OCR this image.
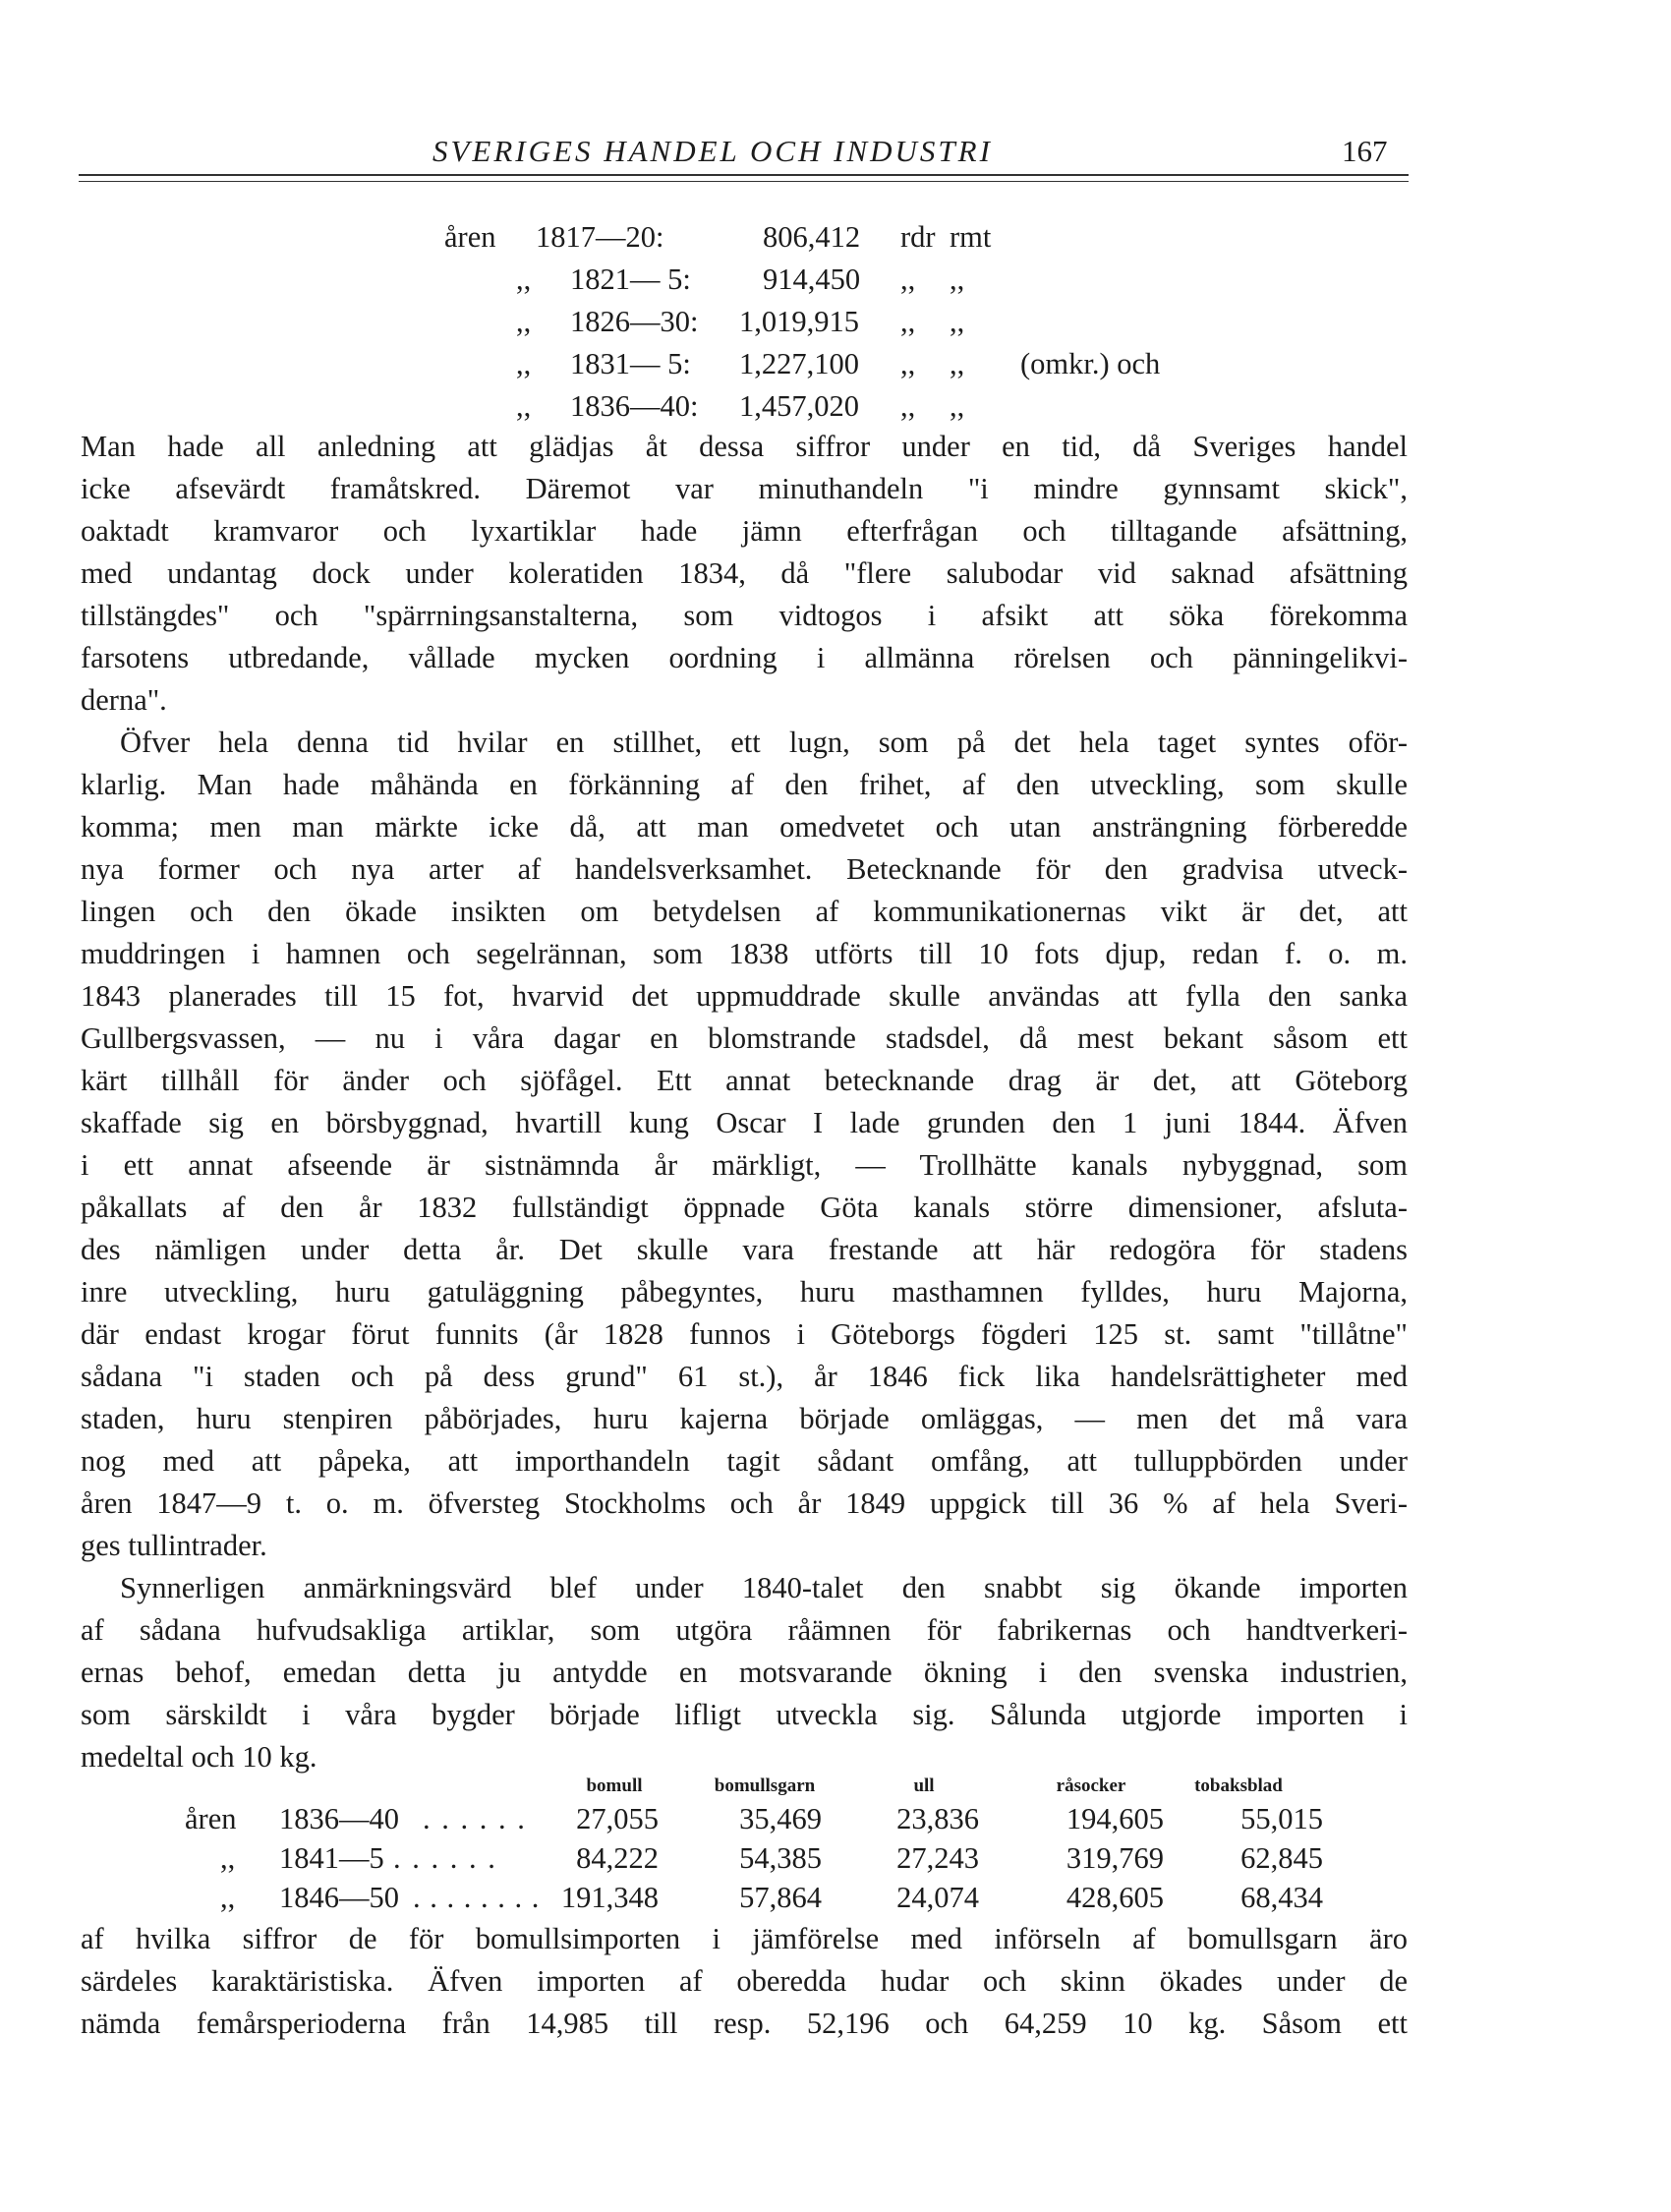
SVERIGES HANDEL OCH INDUSTRI	167
åren 1817—20:	806,412 rdr rmt
,, 1821— 5: 914,450 ,, ,,
,, 1826—30: 1,019,915 ,, ,,
,, 1831— 5: 1,227,100 ,, ,, (omkr.) och
,, 1836—40: 1,457,020 ,, ,,
Man hade all anledning att glädjas åt dessa siffror under en tid, då Sveriges handel
icke afsevärdt framåtskred. Däremot var minuthandeln "i mindre gynnsamt skick",
oaktadt kramvaror och lyxartiklar hade jämn efterfrågan och tilltagande afsättning,
med undantag dock under koleratiden 1834, då "flere salubodar vid saknad afsättning
tillstängdes" och "spärrningsanstalterna, som vidtogos i afsikt att söka förekomma
farsotens utbredande, vållade mycken oordning i allmänna rörelsen och pänningelikvi-
derna".
Öfver hela denna tid hvilar en stillhet, ett lugn, som på det hela taget syntes oför-
klarlig. Man hade måhända en förkänning af den frihet, af den utveckling, som skulle
komma; men man märkte icke då, att man omedvetet och utan ansträngning förberedde
nya former och nya arter af handelsverksamhet. Betecknande för den gradvisa utveck-
lingen och den ökade insikten om betydelsen af kommunikationernas vikt är det, att
muddringen i hamnen och segelrännan, som 1838 utförts till 10 fots djup, redan f. o. m.
1843 planerades till 15 fot, hvarvid det uppmuddrade skulle användas att fylla den sanka
Gullbergsvassen, — nu i våra dagar en blomstrande stadsdel, då mest bekant såsom ett
kärt tillhåll för änder och sjöfågel. Ett annat betecknande drag är det, att Göteborg
skaffade sig en börsbyggnad, hvartill kung Oscar I lade grunden den 1 juni 1844. Äfven
i ett annat afseende är sistnämnda år märkligt, — Trollhätte kanals nybyggnad, som
påkallats af den år 1832 fullständigt öppnade Göta kanals större dimensioner, afsluta-
des nämligen under detta år. Det skulle vara frestande att här redogöra för stadens
inre utveckling, huru gatuläggning påbegyntes, huru masthamnen fylldes, huru Majorna,
där endast krogar förut funnits (år 1828 funnos i Göteborgs fögderi 125 st. samt "tillåtne"
sådana "i staden och på dess grund" 61 st.), år 1846 fick lika handelsrättigheter med
staden, huru stenpiren påbörjades, huru kajerna började omläggas, — men det må vara
nog med att påpeka, att importhandeln tagit sådant omfång, att tulluppbörden under
åren 1847—9 t. o. m. öfversteg Stockholms och år 1849 uppgick till 36 % af hela Sveri-
ges tullintrader.
Synnerligen anmärkningsvärd blef under 1840-talet den snabbt sig ökande importen
af sådana hufvudsakliga artiklar, som utgöra råämnen för fabrikernas och handtverkeri-
ernas behof, emedan detta ju antydde en motsvarande ökning i den svenska industrien,
som särskildt i våra bygder började lifligt utveckla sig. Sålunda utgjorde importen i
medeltal och 10 kg.
bomull	bomullsgarn	ull	råsocker	tobaksblad
åren 1836—40 . . . . . .	27,055	35,469	23,836	194,605	55,015
,, 1841—5 . . . . . .	84,222	54,385	27,243	319,769	62,845
,, 1846—50 . . . . . . . . 191,348	57,864	24,074	428,605	68,434
af hvilka siffror de för bomullsimporten i jämförelse med införseln af bomullsgarn äro
särdeles karaktäristiska. Äfven importen af oberedda hudar och skinn ökades under de
nämda femårsperioderna från 14,985 till resp. 52,196 och 64,259 10 kg. Såsom ett
